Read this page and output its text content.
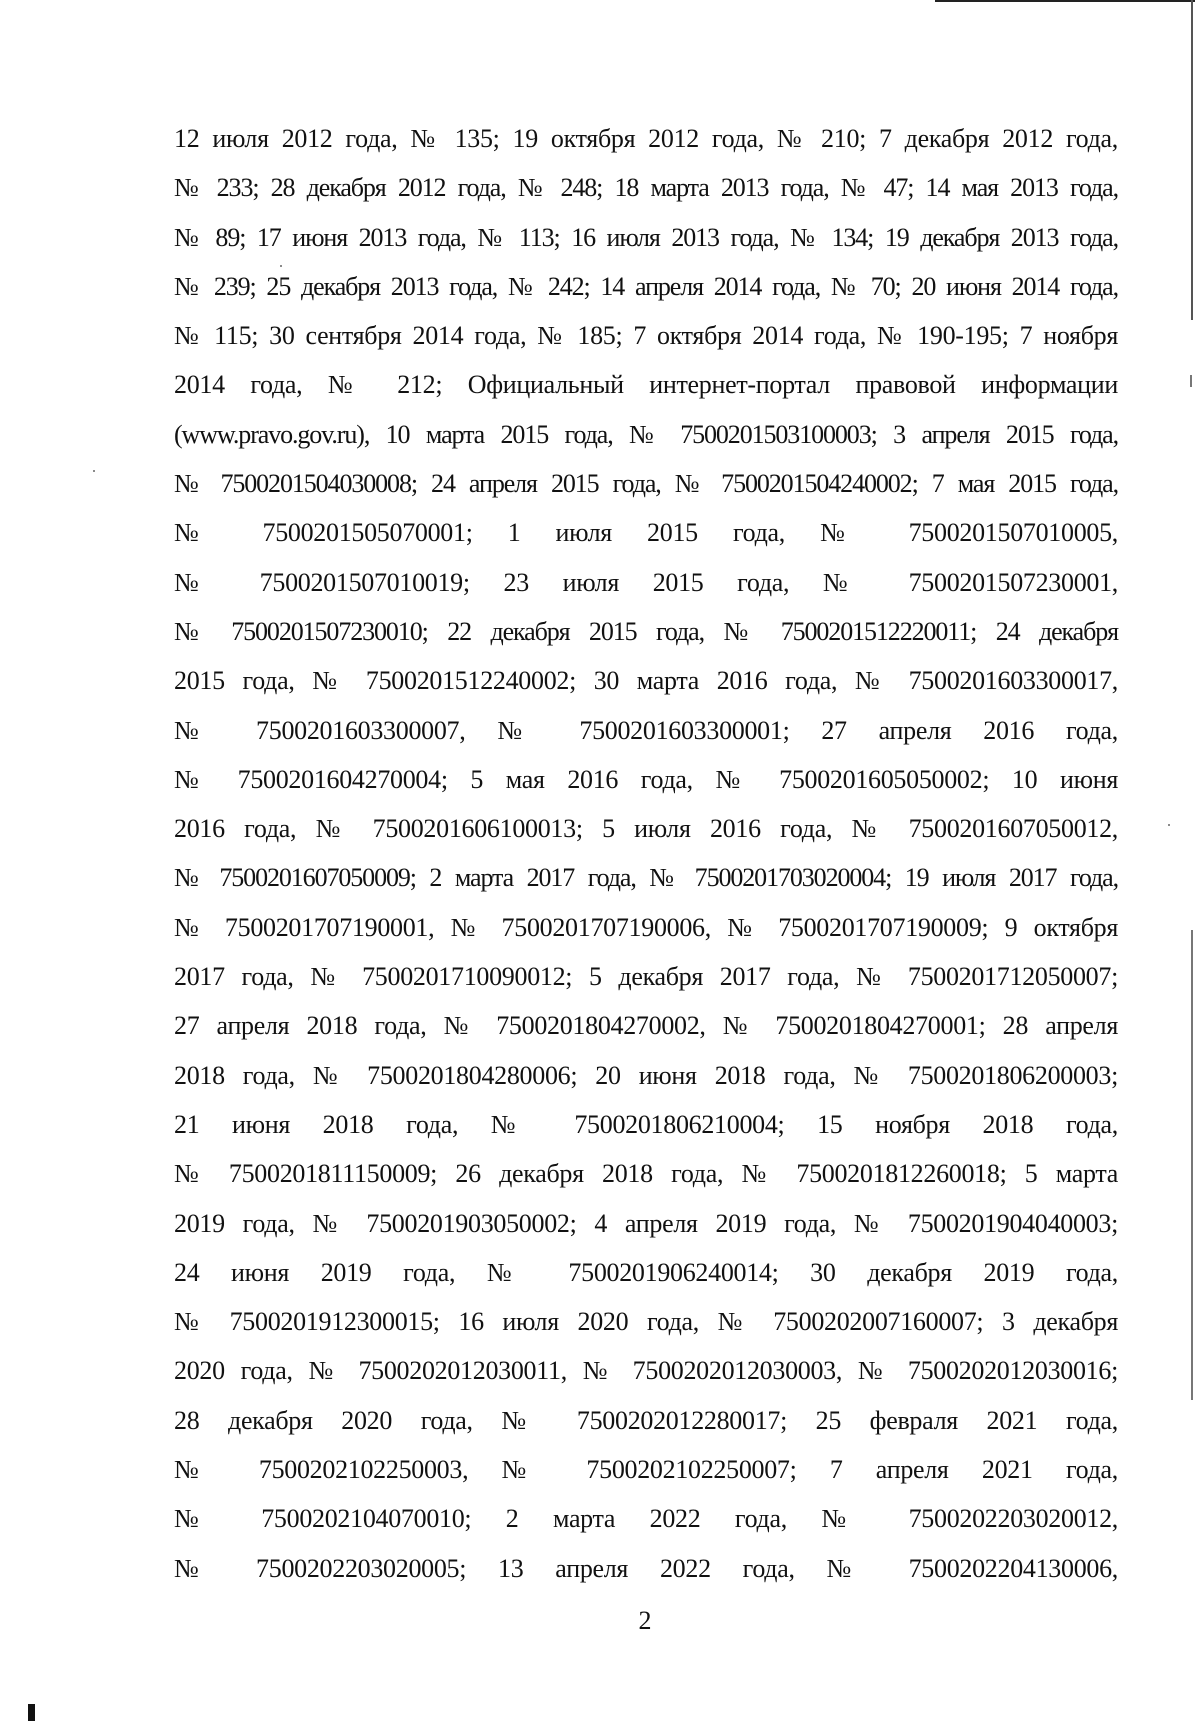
12 июля 2012 года, № 135; 19 октября 2012 года, № 210; 7 декабря 2012 года,
№ 233; 28 декабря 2012 года, № 248; 18 марта 2013 года, № 47; 14 мая 2013 года,
№ 89; 17 июня 2013 года, № 113; 16 июля 2013 года, № 134; 19 декабря 2013 года,
№ 239; 25 декабря 2013 года, № 242; 14 апреля 2014 года, № 70; 20 июня 2014 года,
№ 115; 30 сентября 2014 года, № 185; 7 октября 2014 года, № 190-195; 7 ноября
2014 года, № 212; Официальный интернет-портал правовой информации
(www.pravo.gov.ru), 10 марта 2015 года, № 7500201503100003; 3 апреля 2015 года,
№ 7500201504030008; 24 апреля 2015 года, № 7500201504240002; 7 мая 2015 года,
№ 7500201505070001; 1 июля 2015 года, № 7500201507010005,
№ 7500201507010019; 23 июля 2015 года, № 7500201507230001,
№ 7500201507230010; 22 декабря 2015 года, № 7500201512220011; 24 декабря
2015 года, № 7500201512240002; 30 марта 2016 года, № 7500201603300017,
№ 7500201603300007, № 7500201603300001; 27 апреля 2016 года,
№ 7500201604270004; 5 мая 2016 года, № 7500201605050002; 10 июня
2016 года, № 7500201606100013; 5 июля 2016 года, № 7500201607050012,
№ 7500201607050009; 2 марта 2017 года, № 7500201703020004; 19 июля 2017 года,
№ 7500201707190001, № 7500201707190006, № 7500201707190009; 9 октября
2017 года, № 7500201710090012; 5 декабря 2017 года, № 7500201712050007;
27 апреля 2018 года, № 7500201804270002, № 7500201804270001; 28 апреля
2018 года, № 7500201804280006; 20 июня 2018 года, № 7500201806200003;
21 июня 2018 года, № 7500201806210004; 15 ноября 2018 года,
№ 7500201811150009; 26 декабря 2018 года, № 7500201812260018; 5 марта
2019 года, № 7500201903050002; 4 апреля 2019 года, № 7500201904040003;
24 июня 2019 года, № 7500201906240014; 30 декабря 2019 года,
№ 7500201912300015; 16 июля 2020 года, № 7500202007160007; 3 декабря
2020 года, № 7500202012030011, № 7500202012030003, № 7500202012030016;
28 декабря 2020 года, № 7500202012280017; 25 февраля 2021 года,
№ 7500202102250003, № 7500202102250007; 7 апреля 2021 года,
№ 7500202104070010; 2 марта 2022 года, № 7500202203020012,
№ 7500202203020005; 13 апреля 2022 года, № 7500202204130006,
2
